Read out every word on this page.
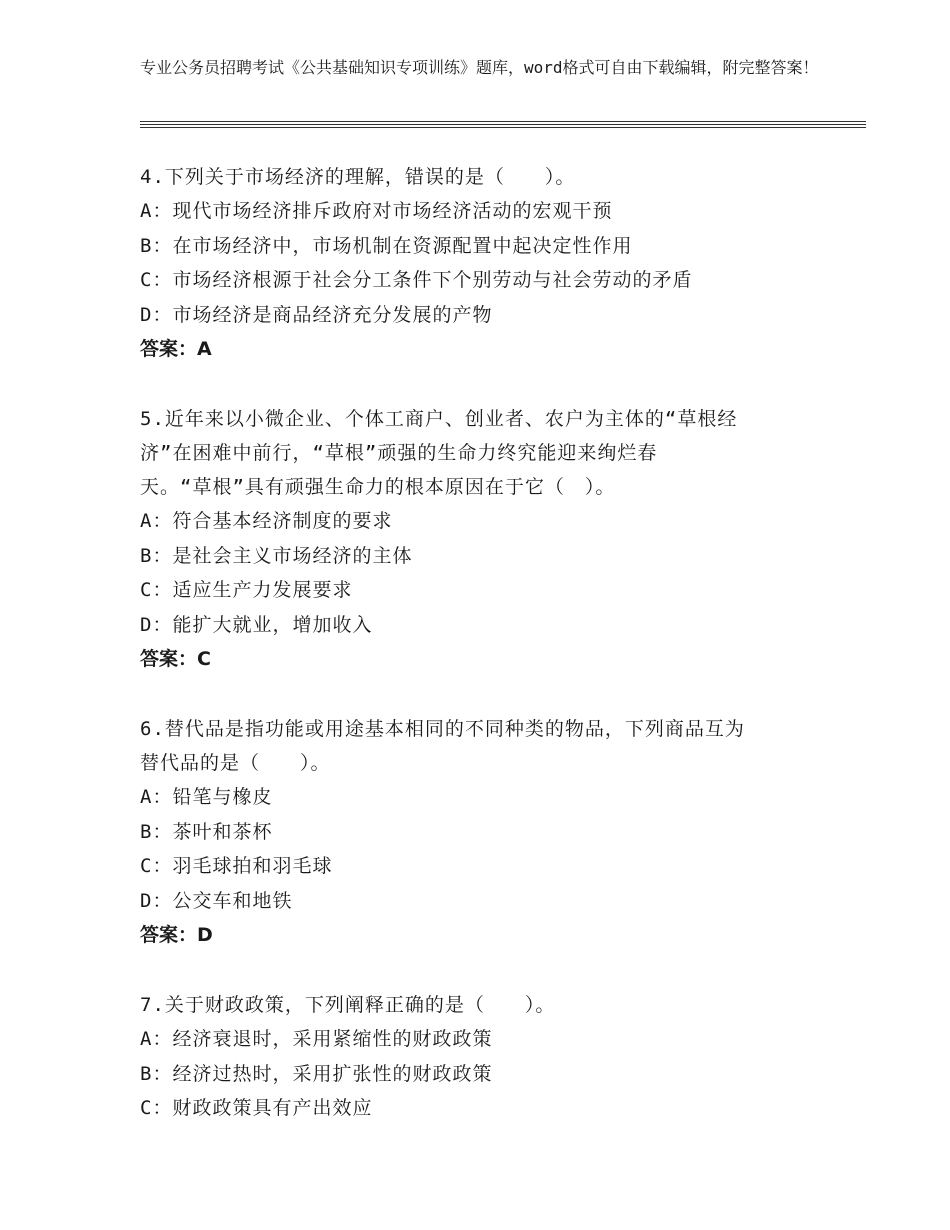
专业公务员招聘考试《公共基础知识专项训练》题库，word格式可自由下载编辑，附完整答案！
4.下列关于市场经济的理解，错误的是（　　）。
A：现代市场经济排斥政府对市场经济活动的宏观干预
B：在市场经济中，市场机制在资源配置中起决定性作用
C：市场经济根源于社会分工条件下个别劳动与社会劳动的矛盾
D：市场经济是商品经济充分发展的产物
答案：A
5.近年来以小微企业、个体工商户、创业者、农户为主体的“草根经
济”在困难中前行，“草根”顽强的生命力终究能迎来绚烂春
天。“草根”具有顽强生命力的根本原因在于它（　）。
A：符合基本经济制度的要求
B：是社会主义市场经济的主体
C：适应生产力发展要求
D：能扩大就业，增加收入
答案：C
6.替代品是指功能或用途基本相同的不同种类的物品，下列商品互为
替代品的是（　　）。
A：铅笔与橡皮
B：茶叶和茶杯
C：羽毛球拍和羽毛球
D：公交车和地铁
答案：D
7.关于财政政策，下列阐释正确的是（　　）。
A：经济衰退时，采用紧缩性的财政政策
B：经济过热时，采用扩张性的财政政策
C：财政政策具有产出效应
